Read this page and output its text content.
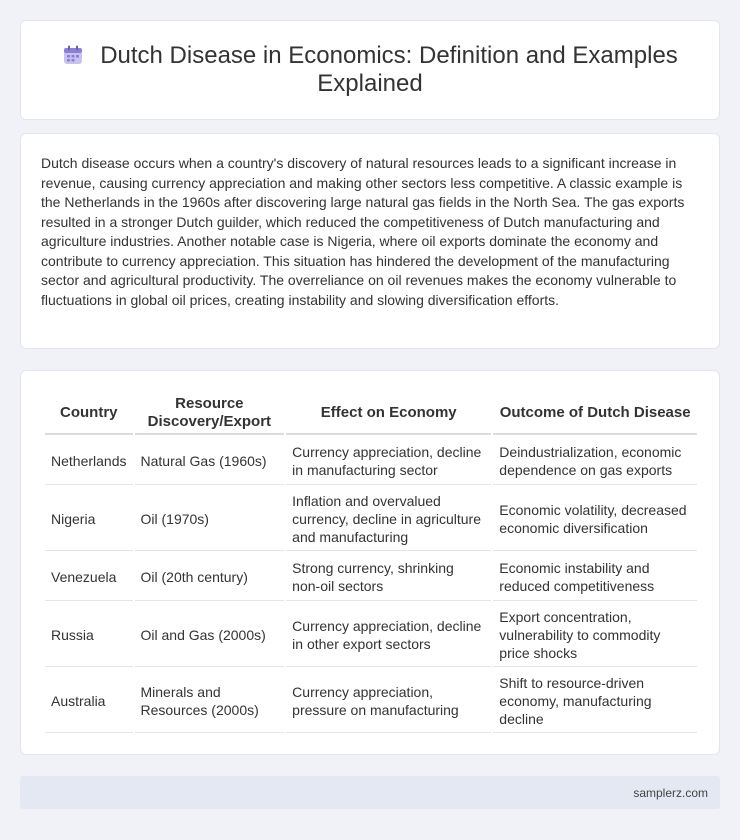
Dutch Disease in Economics: Definition and Examples Explained

Dutch disease occurs when a country's discovery of natural resources leads to a significant increase in revenue, causing currency appreciation and making other sectors less competitive. A classic example is the Netherlands in the 1960s after discovering large natural gas fields in the North Sea. The gas exports resulted in a stronger Dutch guilder, which reduced the competitiveness of Dutch manufacturing and agriculture industries. Another notable case is Nigeria, where oil exports dominate the economy and contribute to currency appreciation. This situation has hindered the development of the manufacturing sector and agricultural productivity. The overreliance on oil revenues makes the economy vulnerable to fluctuations in global oil prices, creating instability and slowing diversification efforts.

Country	Resource Discovery/Export	Effect on Economy	Outcome of Dutch Disease
Netherlands	Natural Gas (1960s)	Currency appreciation, decline in manufacturing sector	Deindustrialization, economic dependence on gas exports
Nigeria	Oil (1970s)	Inflation and overvalued currency, decline in agriculture and manufacturing	Economic volatility, decreased economic diversification
Venezuela	Oil (20th century)	Strong currency, shrinking non-oil sectors	Economic instability and reduced competitiveness
Russia	Oil and Gas (2000s)	Currency appreciation, decline in other export sectors	Export concentration, vulnerability to commodity price shocks
Australia	Minerals and Resources (2000s)	Currency appreciation, pressure on manufacturing	Shift to resource-driven economy, manufacturing decline
samplerz.com
